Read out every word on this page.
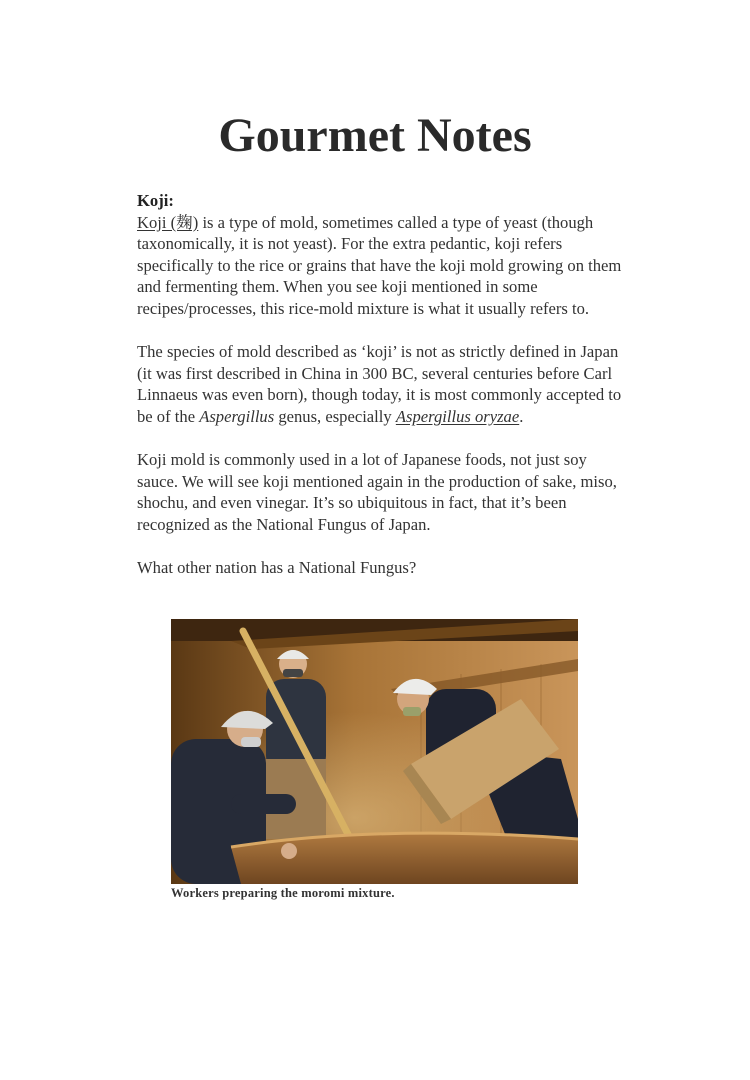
Gourmet Notes

Koji:

Koji (麹) is a type of mold, sometimes called a type of yeast (though taxonomically, it is not yeast). For the extra pedantic, koji refers specifically to the rice or grains that have the koji mold growing on them and fermenting them. When you see koji mentioned in some recipes/processes, this rice-mold mixture is what it usually refers to.

The species of mold described as ‘koji’ is not as strictly defined in Japan (it was first described in China in 300 BC, several centuries before Carl Linnaeus was even born), though today, it is most commonly accepted to be of the Aspergillus genus, especially Aspergillus oryzae.

Koji mold is commonly used in a lot of Japanese foods, not just soy sauce. We will see koji mentioned again in the production of sake, miso, shochu, and even vinegar. It’s so ubiquitous in fact, that it’s been recognized as the National Fungus of Japan.

What other nation has a National Fungus?

Workers preparing the moromi mixture.
